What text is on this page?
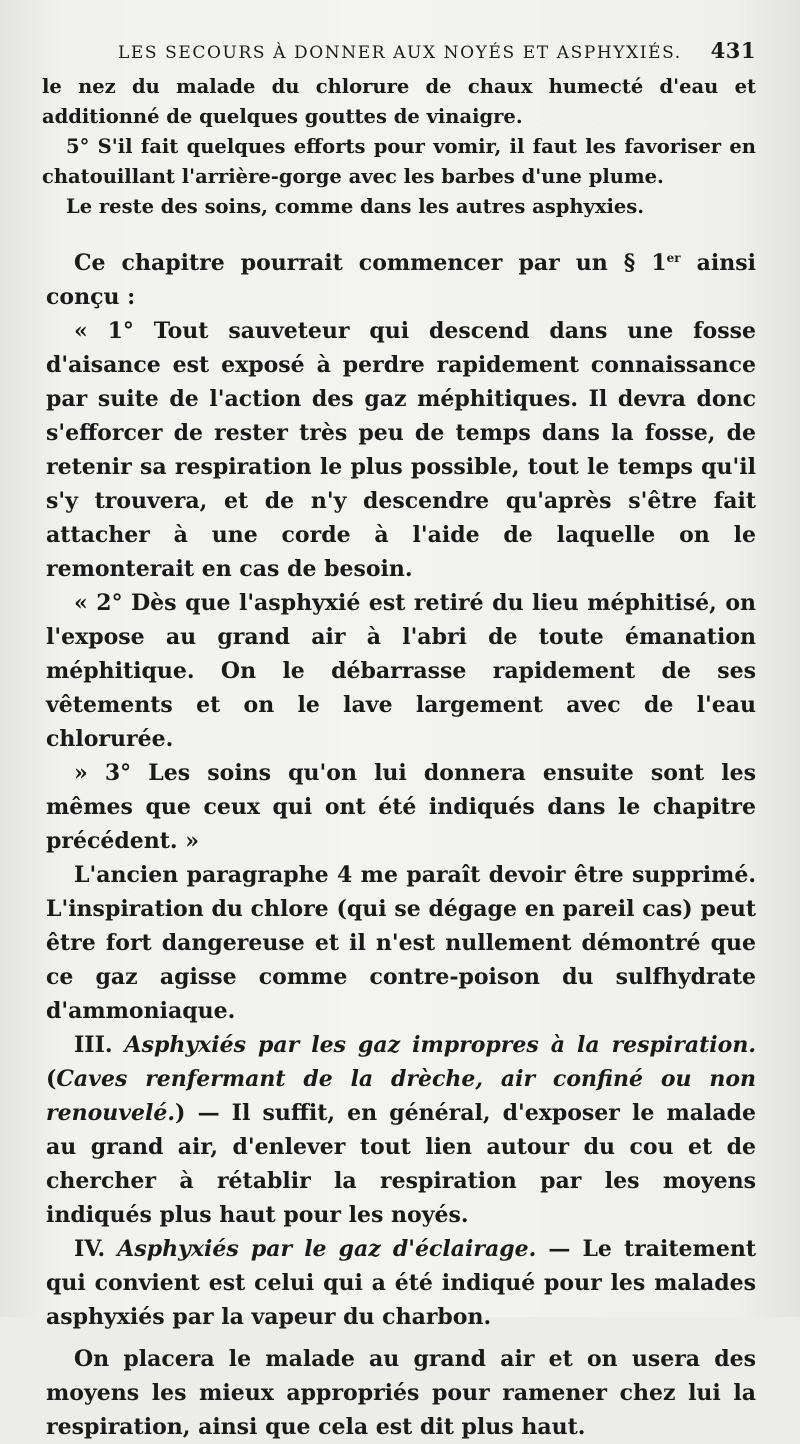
LES SECOURS À DONNER AUX NOYÉS ET ASPHYXIÉS. 431

le nez du malade du chlorure de chaux humecté d'eau et additionné de quelques gouttes de vinaigre.

5° S'il fait quelques efforts pour vomir, il faut les favoriser en chatouillant l'arrière-gorge avec les barbes d'une plume.

Le reste des soins, comme dans les autres asphyxies.

Ce chapitre pourrait commencer par un § 1er ainsi conçu :

« 1° Tout sauveteur qui descend dans une fosse d'aisance est exposé à perdre rapidement connaissance par suite de l'action des gaz méphitiques. Il devra donc s'efforcer de rester très peu de temps dans la fosse, de retenir sa respiration le plus possible, tout le temps qu'il s'y trouvera, et de n'y descendre qu'après s'être fait attacher à une corde à l'aide de laquelle on le remonterait en cas de besoin.

« 2° Dès que l'asphyxié est retiré du lieu méphitisé, on l'expose au grand air à l'abri de toute émanation méphitique. On le débarrasse rapidement de ses vêtements et on le lave largement avec de l'eau chlorurée.

» 3° Les soins qu'on lui donnera ensuite sont les mêmes que ceux qui ont été indiqués dans le chapitre précédent. »

L'ancien paragraphe 4 me paraît devoir être supprimé. L'inspiration du chlore (qui se dégage en pareil cas) peut être fort dangereuse et il n'est nullement démontré que ce gaz agisse comme contre-poison du sulfhydrate d'ammoniaque.

III. Asphyxiés par les gaz impropres à la respiration. (Caves renfermant de la drèche, air confiné ou non renouvelé.) — Il suffit, en général, d'exposer le malade au grand air, d'enlever tout lien autour du cou et de chercher à rétablir la respiration par les moyens indiqués plus haut pour les noyés.

IV. Asphyxiés par le gaz d'éclairage. — Le traitement qui convient est celui qui a été indiqué pour les malades asphyxiés par la vapeur du charbon.

On placera le malade au grand air et on usera des moyens les mieux appropriés pour ramener chez lui la respiration, ainsi que cela est dit plus haut.
